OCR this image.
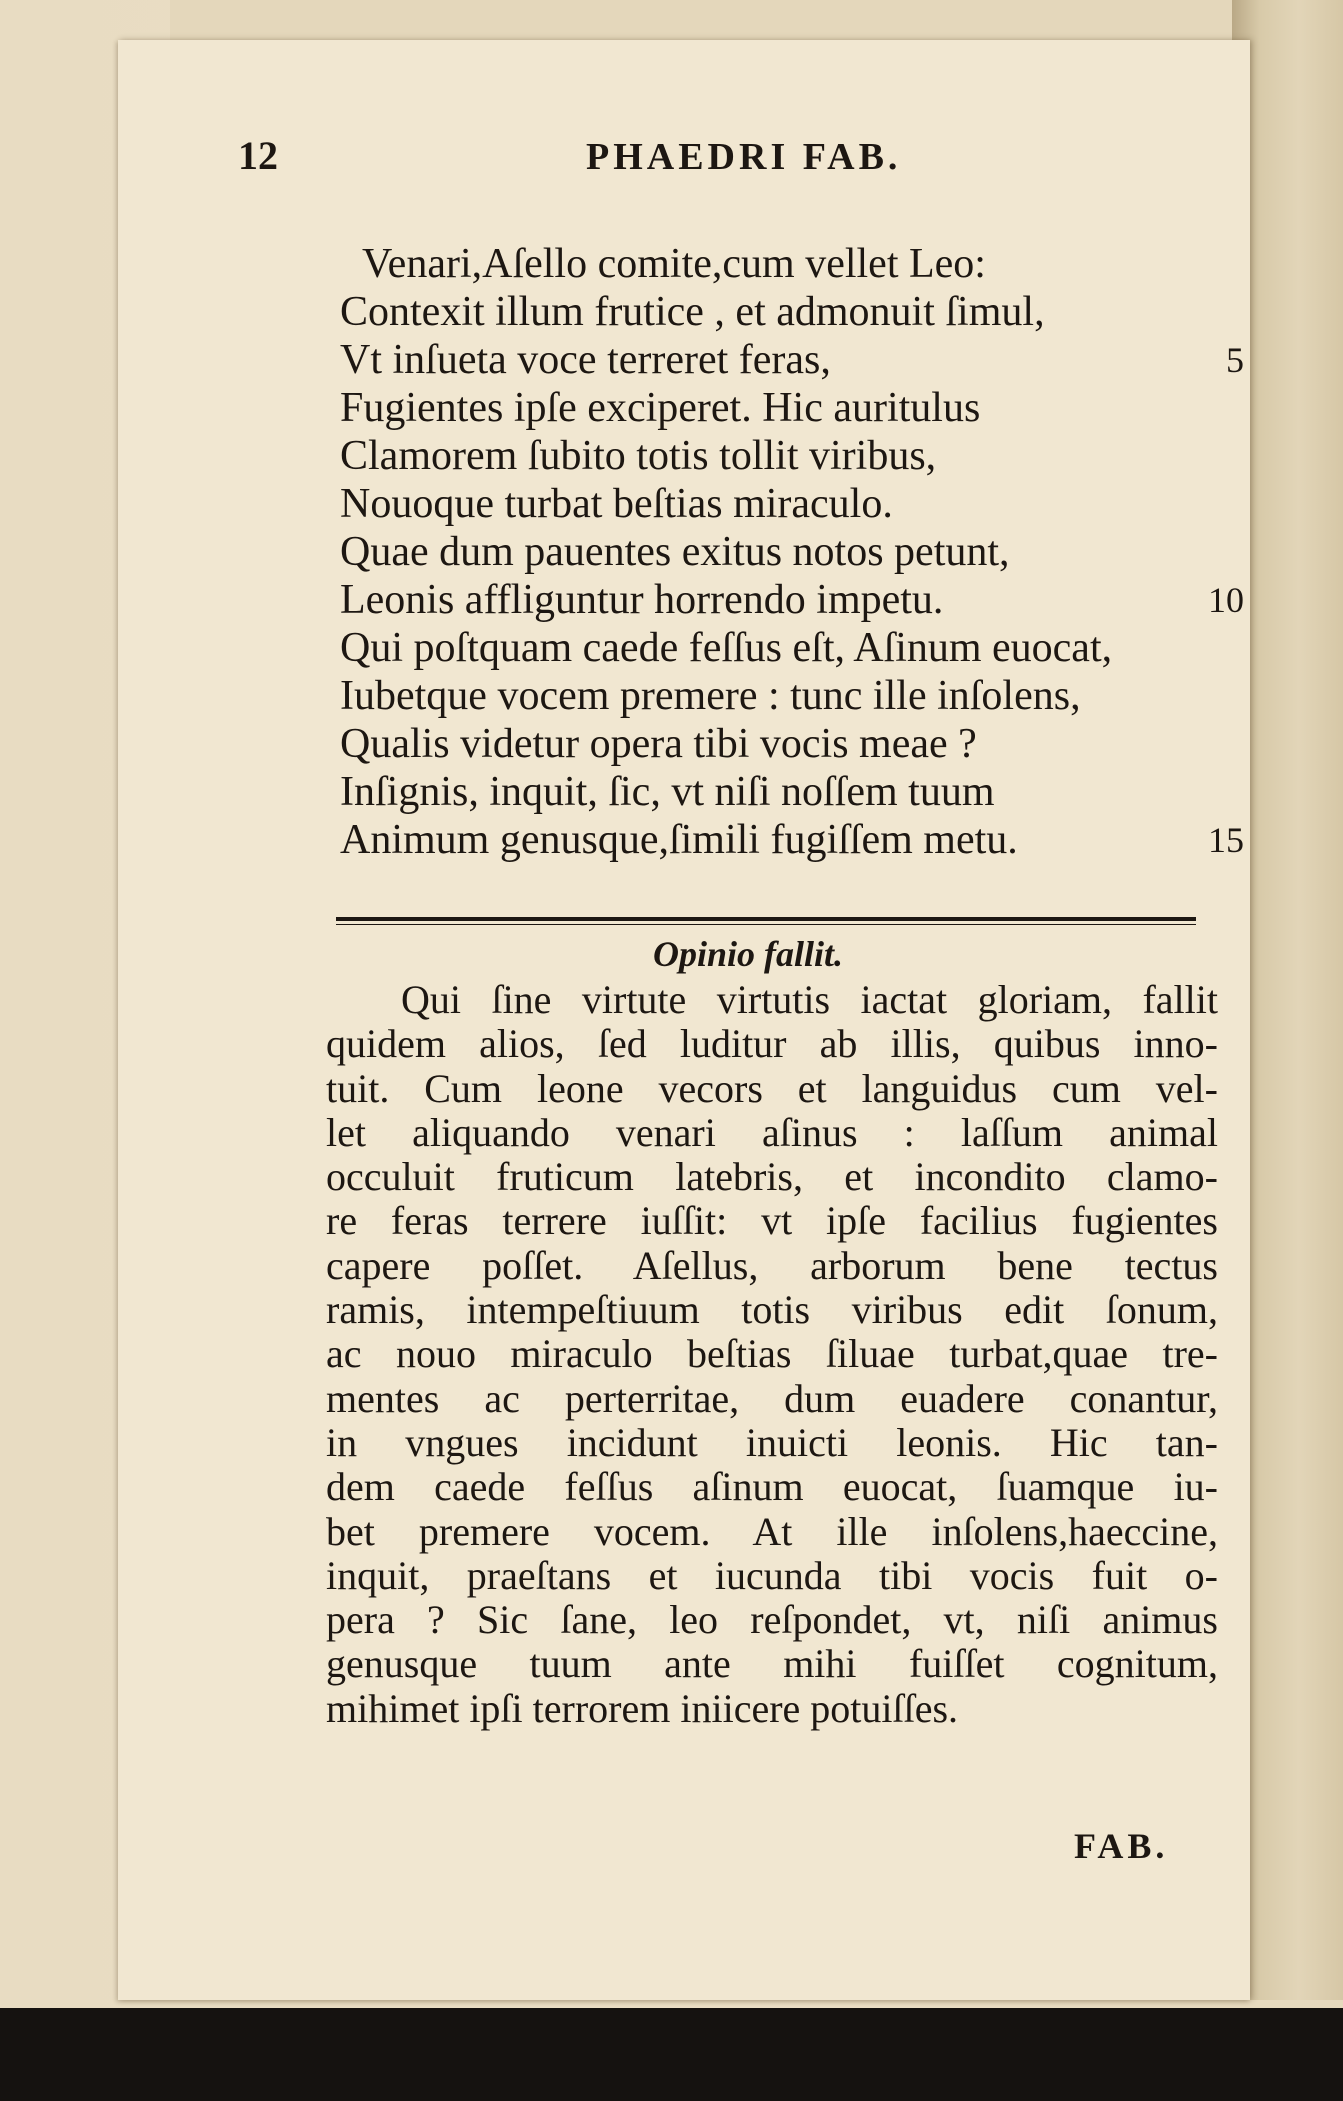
12	PHAEDRI FAB.
Venari,Aſello comite,cum vellet Leo:
Contexit illum frutice , et admonuit ſimul,
Vt inſueta voce terreret feras,	5
Fugientes ipſe exciperet. Hic auritulus
Clamorem ſubito totis tollit viribus,
Nouoque turbat beſtias miraculo.
Quae dum pauentes exitus notos petunt,
Leonis affliguntur horrendo impetu.	10
Qui poſtquam caede feſſus eſt, Aſinum euocat,
Iubetque vocem premere : tunc ille inſolens,
Qualis videtur opera tibi vocis meae ?
Inſignis, inquit, ſic, vt niſi noſſem tuum
Animum genusque,ſimili fugiſſem metu.	15
Opinio fallit.
Qui ſine virtute virtutis iactat gloriam, fallit
quidem alios, ſed luditur ab illis, quibus inno-
tuit. Cum leone vecors et languidus cum vel-
let aliquando venari aſinus : laſſum animal
occuluit fruticum latebris, et incondito clamo-
re feras terrere iuſſit: vt ipſe facilius fugientes
capere poſſet. Aſellus, arborum bene tectus
ramis, intempeſtiuum totis viribus edit ſonum,
ac nouo miraculo beſtias ſiluae turbat,quae tre-
mentes ac perterritae, dum euadere conantur,
in vngues incidunt inuicti leonis. Hic tan-
dem caede feſſus aſinum euocat, ſuamque iu-
bet premere vocem. At ille inſolens,haeccine,
inquit, praeſtans et iucunda tibi vocis fuit o-
pera ? Sic ſane, leo reſpondet, vt, niſi animus
genusque tuum ante mihi fuiſſet cognitum,
mihimet ipſi terrorem iniicere potuiſſes.
FAB.
